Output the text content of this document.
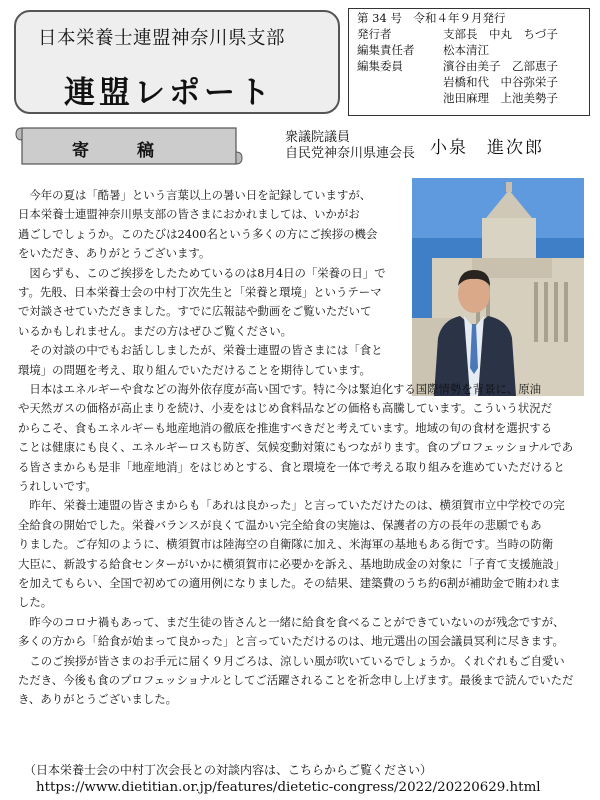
日本栄養士連盟神奈川県支部
連盟レポート
第 34 号　令和４年９月発行
発行者	支部長　中丸　ちづ子
編集責任者 松本清江
編集委員	濱谷由美子　乙部恵子
岩橋和代　中谷弥栄子
池田麻理　上池美勢子
寄稿
衆議院議員
自民党神奈川県連会長 小泉　進次郎
（日本栄養士会の中村丁次会長との対談内容は、こちらからご覧ください）
https://www.dietitian.or.jp/features/dietetic-congress/2022/20220629.html
　今年の夏は「酷暑」という言葉以上の暑い日を記録していますが、
日本栄養士連盟神奈川県支部の皆さまにおかれましては、いかがお
過ごしでしょうか。このたびは2400名という多くの方にご挨拶の機会
をいただき、ありがとうございます。
　図らずも、このご挨拶をしたためているのは8月4日の「栄養の日」で
す。先般、日本栄養士会の中村丁次先生と「栄養と環境」というテーマ
で対談させていただきました。すでに広報誌や動画をご覧いただいて
いるかもしれません。まだの方はぜひご覧ください。
　その対談の中でもお話ししましたが、栄養士連盟の皆さまには「食と
環境」の問題を考え、取り組んでいただけることを期待しています。
　日本はエネルギーや食などの海外依存度が高い国です。特に今は緊迫化する国際情勢を背景に、原油
や天然ガスの価格が高止まりを続け、小麦をはじめ食料品などの価格も高騰しています。こういう状況だ
からこそ、食もエネルギーも地産地消の徹底を推進すべきだと考えています。地域の旬の食材を選択する
ことは健康にも良く、エネルギーロスも防ぎ、気候変動対策にもつながります。食のプロフェッショナルであ
る皆さまからも是非「地産地消」をはじめとする、食と環境を一体で考える取り組みを進めていただけると
うれしいです。
　昨年、栄養士連盟の皆さまからも「あれは良かった」と言っていただけたのは、横須賀市立中学校での完
全給食の開始でした。栄養バランスが良くて温かい完全給食の実施は、保護者の方の長年の悲願でもあ
りました。ご存知のように、横須賀市は陸海空の自衛隊に加え、米海軍の基地もある街です。当時の防衛
大臣に、新設する給食センターがいかに横須賀市に必要かを訴え、基地助成金の対象に「子育て支援施設」
を加えてもらい、全国で初めての適用例になりました。その結果、建築費のうち約6割が補助金で賄われま
した。
　昨今のコロナ禍もあって、まだ生徒の皆さんと一緒に給食を食べることができていないのが残念ですが、
多くの方から「給食が始まって良かった」と言っていただけるのは、地元選出の国会議員冥利に尽きます。
　このご挨拶が皆さまのお手元に届く９月ごろは、涼しい風が吹いているでしょうか。くれぐれもご自愛い
ただき、今後も食のプロフェッショナルとしてご活躍されることを祈念申し上げます。最後まで読んでいただ
き、ありがとうございました。
